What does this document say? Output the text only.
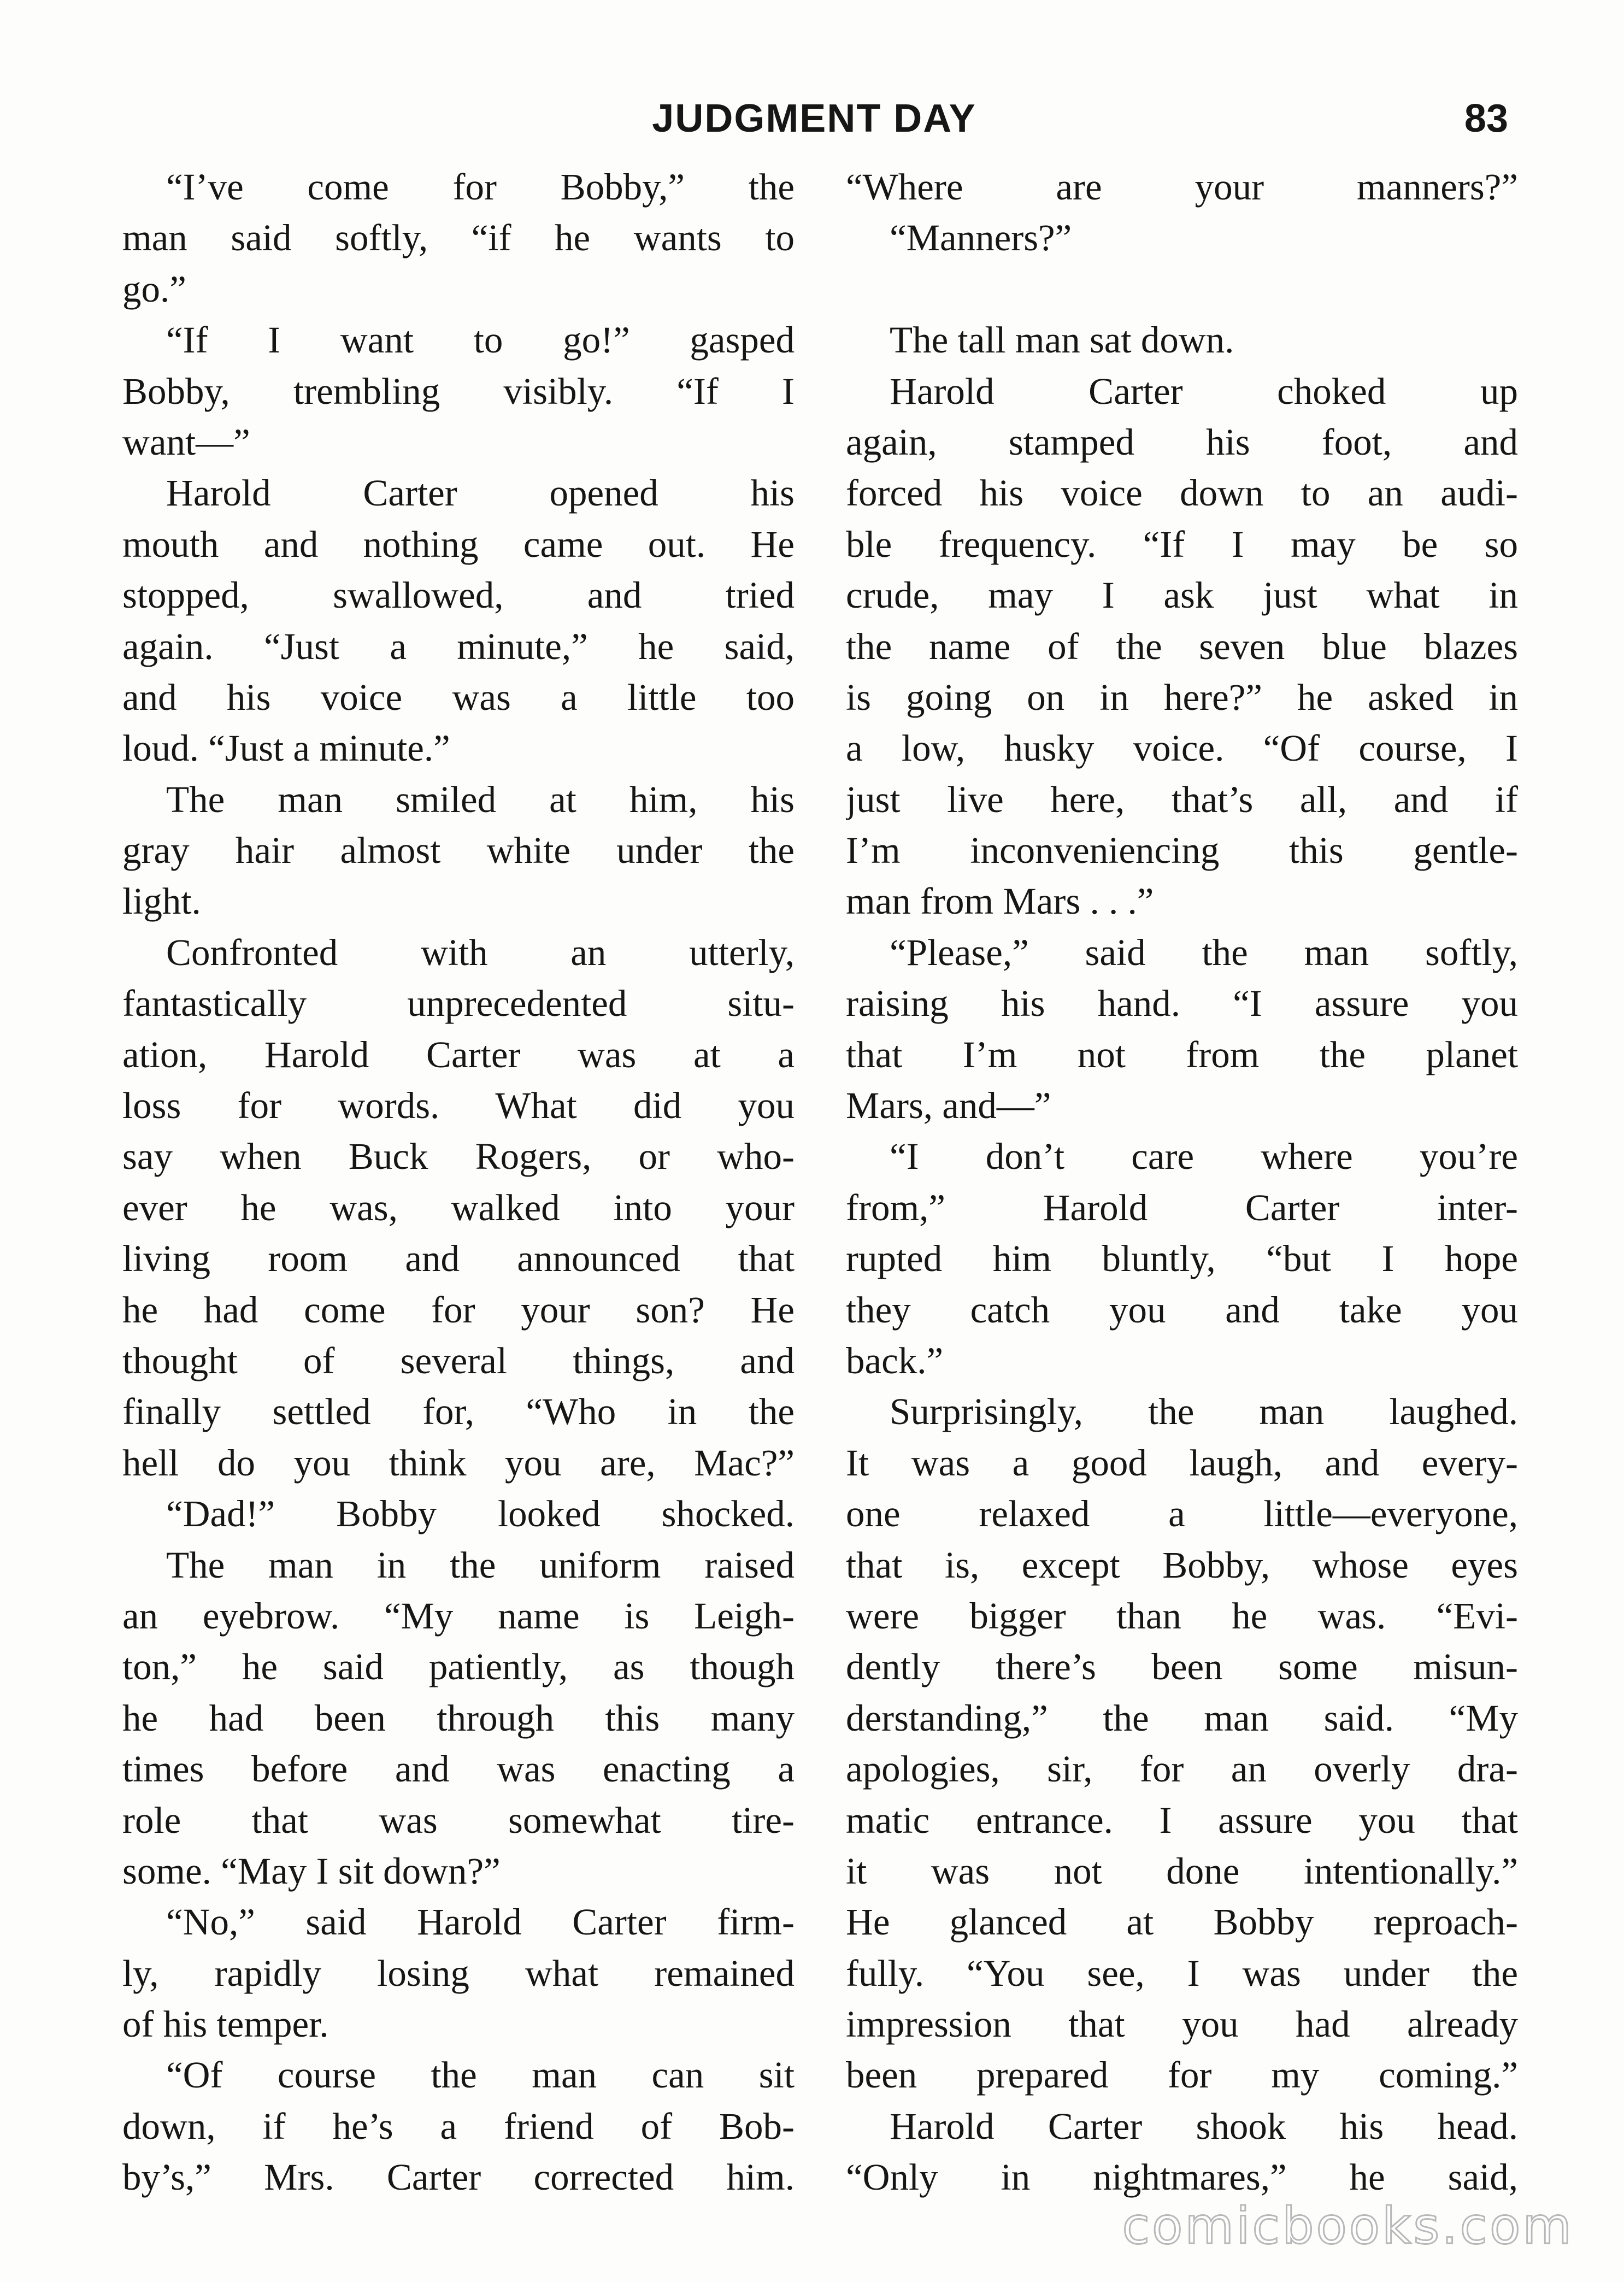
JUDGMENT DAY	83
“I’ve come for Bobby,” the
man said softly, “if he wants to
go.”
“If I want to go!” gasped
Bobby, trembling visibly. “If I
want—”
Harold Carter opened his
mouth and nothing came out. He
stopped, swallowed, and tried
again. “Just a minute,” he said,
and his voice was a little too
loud. “Just a minute.”
The man smiled at him, his
gray hair almost white under the
light.
Confronted with an utterly,
fantastically unprecedented situ-
ation, Harold Carter was at a
loss for words. What did you
say when Buck Rogers, or who-
ever he was, walked into your
living room and announced that
he had come for your son? He
thought of several things, and
finally settled for, “Who in the
hell do you think you are, Mac?”
“Dad!” Bobby looked shocked.
The man in the uniform raised
an eyebrow. “My name is Leigh-
ton,” he said patiently, as though
he had been through this many
times before and was enacting a
role that was somewhat tire-
some. “May I sit down?”
“No,” said Harold Carter firm-
ly, rapidly losing what remained
of his temper.
“Of course the man can sit
down, if he’s a friend of Bob-
by’s,” Mrs. Carter corrected him.
“Where are your manners?”
“Manners?”
The tall man sat down.
Harold Carter choked up
again, stamped his foot, and
forced his voice down to an audi-
ble frequency. “If I may be so
crude, may I ask just what in
the name of the seven blue blazes
is going on in here?” he asked in
a low, husky voice. “Of course, I
just live here, that’s all, and if
I’m inconveniencing this gentle-
man from Mars . . .”
“Please,” said the man softly,
raising his hand. “I assure you
that I’m not from the planet
Mars, and—”
“I don’t care where you’re
from,” Harold Carter inter-
rupted him bluntly, “but I hope
they catch you and take you
back.”
Surprisingly, the man laughed.
It was a good laugh, and every-
one relaxed a little—everyone,
that is, except Bobby, whose eyes
were bigger than he was. “Evi-
dently there’s been some misun-
derstanding,” the man said. “My
apologies, sir, for an overly dra-
matic entrance. I assure you that
it was not done intentionally.”
He glanced at Bobby reproach-
fully. “You see, I was under the
impression that you had already
been prepared for my coming.”
Harold Carter shook his head.
“Only in nightmares,” he said,
comicbooks.com
